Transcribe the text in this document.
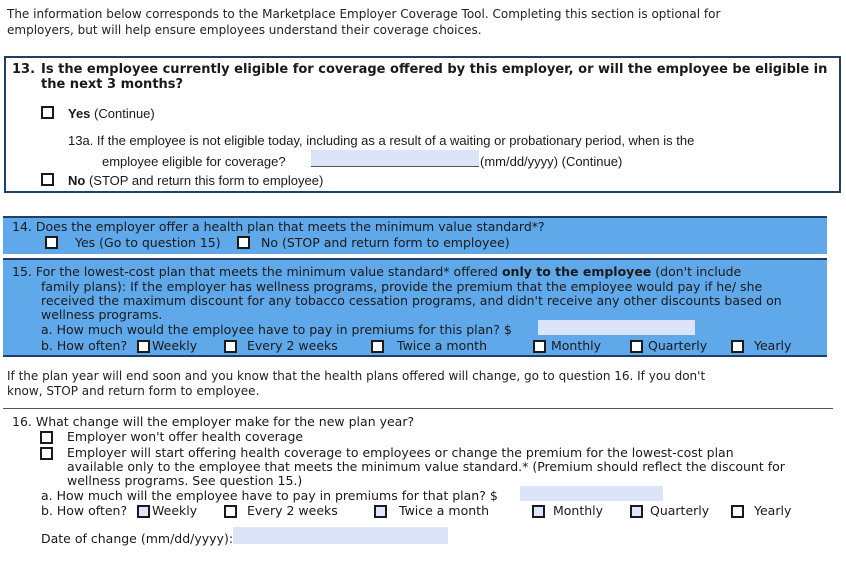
The information below corresponds to the Marketplace Employer Coverage Tool. Completing this section is optional for
employers, but will help ensure employees understand their coverage choices.
13. Is the employee currently eligible for coverage offered by this employer, or will the employee be eligible in
the next 3 months?
Yes (Continue)
13a. If the employee is not eligible today, including as a result of a waiting or probationary period, when is the
employee eligible for coverage?	(mm/dd/yyyy) (Continue)
No (STOP and return this form to employee)
14. Does the employer offer a health plan that meets the minimum value standard*?
Yes (Go to question 15)	No (STOP and return form to employee)
15. For the lowest-cost plan that meets the minimum value standard* offered only to the employee (don't include
family plans): If the employer has wellness programs, provide the premium that the employee would pay if he/ she
received the maximum discount for any tobacco cessation programs, and didn't receive any other discounts based on
wellness programs.
a. How much would the employee have to pay in premiums for this plan? $
b. How often? Weekly	Every 2 weeks	Twice a month	Monthly	Quarterly	Yearly
If the plan year will end soon and you know that the health plans offered will change, go to question 16. If you don't
know, STOP and return form to employee.
16. What change will the employer make for the new plan year?
Employer won't offer health coverage
Employer will start offering health coverage to employees or change the premium for the lowest-cost plan
available only to the employee that meets the minimum value standard.* (Premium should reflect the discount for
wellness programs. See question 15.)
a. How much will the employee have to pay in premiums for that plan? $
b. How often? Weekly	Every 2 weeks	Twice a month	Monthly	Quarterly	Yearly
Date of change (mm/dd/yyyy):
